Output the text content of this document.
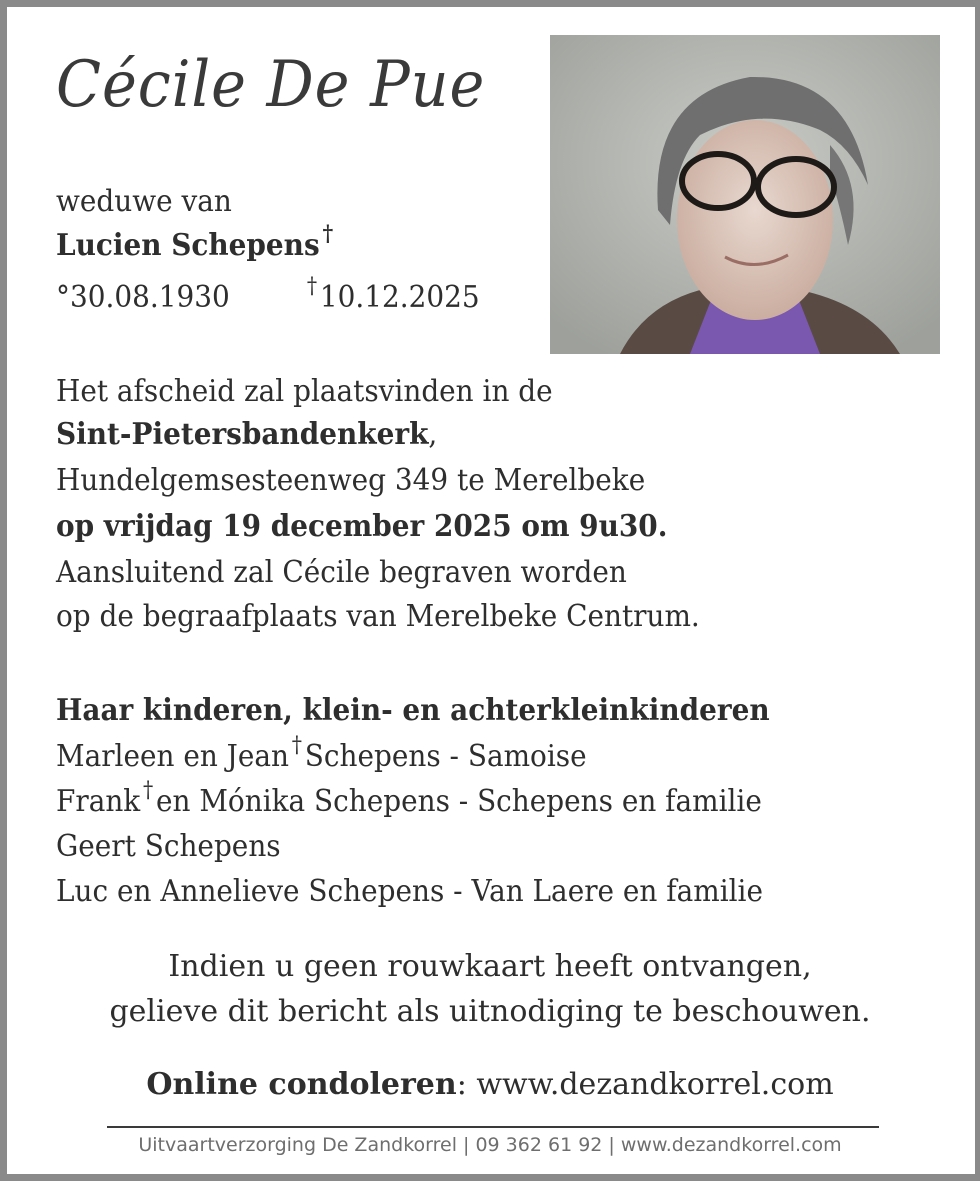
Cécile De Pue
weduwe van
Lucien Schepens †
°30.08.1930	†10.12.2025
Het afscheid zal plaatsvinden in de
Sint-Pietersbandenkerk,
Hundelgemsesteenweg 349 te Merelbeke
op vrijdag 19 december 2025 om 9u30.
Aansluitend zal Cécile begraven worden
op de begraafplaats van Merelbeke Centrum.
Haar kinderen, klein- en achterkleinkinderen
Marleen en Jean †Schepens - Samoise
Frank †en Mónika Schepens - Schepens en familie
Geert Schepens
Luc en Annelieve Schepens - Van Laere en familie
Indien u geen rouwkaart heeft ontvangen,
gelieve dit bericht als uitnodiging te beschouwen.
Online condoleren: www.dezandkorrel.com
Uitvaartverzorging De Zandkorrel | 09 362 61 92 | www.dezandkorrel.com
